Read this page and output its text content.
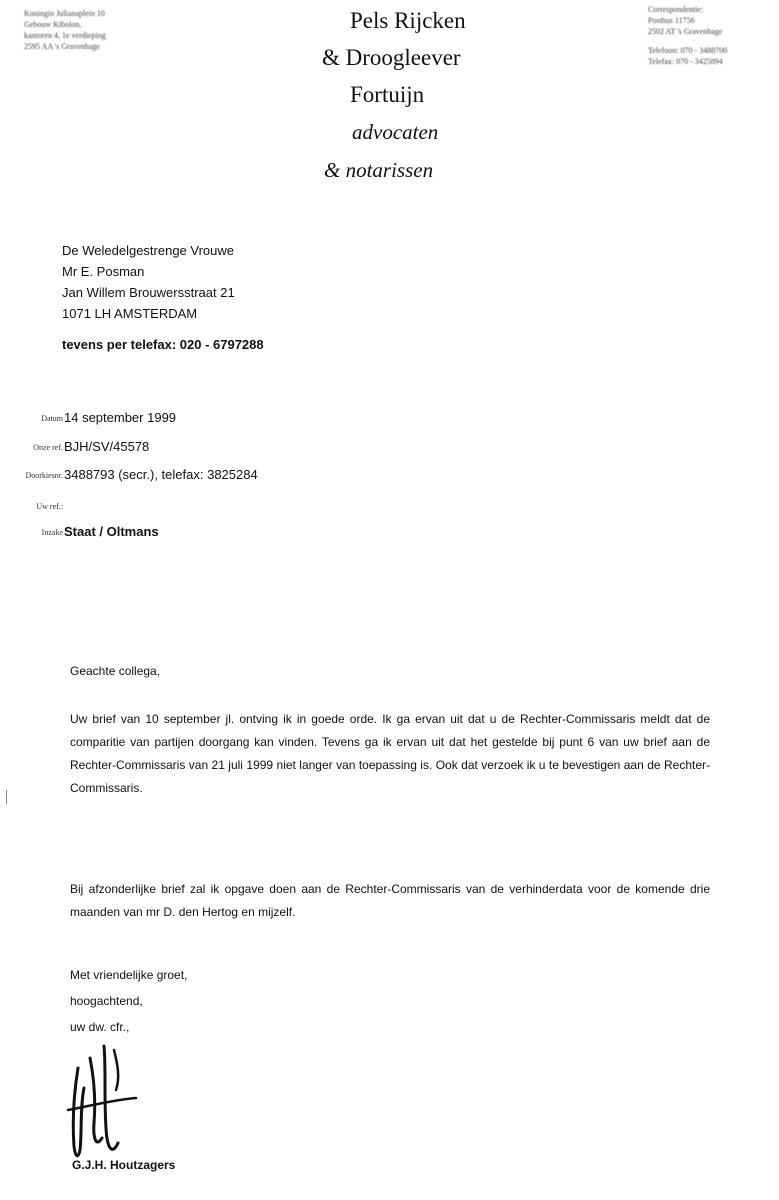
Koningin Julianaplein 10
Gebouw Kibolon,
kantoren 4, 1e verdieping
2595 AA 's Gravenhage
Pels Rijcken
& Droogleever
Fortuijn
advocaten
& notarissen
Correspondentie:
Postbus 11756
2502 AT 's Gravenhage
Telefoon: 070 - 3488700
Telefax: 070 - 3425894
De Weledelgestrenge Vrouwe
Mr E. Posman
Jan Willem Brouwersstraat 21
1071 LH AMSTERDAM
tevens per telefax: 020 - 6797288
Datum 14 september 1999
Onze ref. BJH/SV/45578
Doorkiesnr. 3488793 (secr.), telefax: 3825284
Uw ref.:
Inzake Staat / Oltmans
Geachte collega,
Uw brief van 10 september jl. ontving ik in goede orde. Ik ga ervan uit dat u de Rechter-Commissaris meldt dat de comparitie van partijen doorgang kan vinden. Tevens ga ik ervan uit dat het gestelde bij punt 6 van uw brief aan de Rechter-Commissaris van 21 juli 1999 niet langer van toepassing is. Ook dat verzoek ik u te bevestigen aan de Rechter-Commissaris.
Bij afzonderlijke brief zal ik opgave doen aan de Rechter-Commissaris van de verhinderdata voor de komende drie maanden van mr D. den Hertog en mijzelf.
Met vriendelijke groet,
hoogachtend,
uw dw. cfr.,
G.J.H. Houtzagers
